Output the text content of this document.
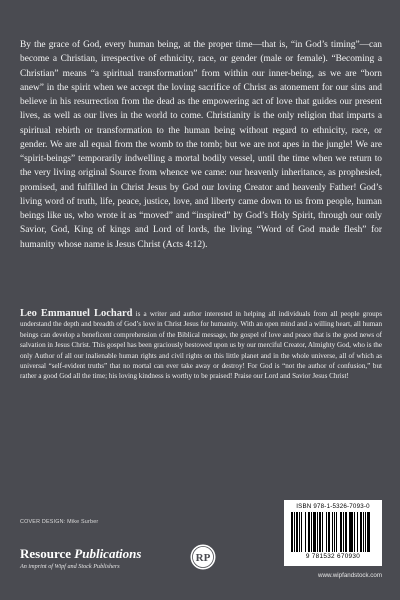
By the grace of God, every human being, at the proper time—that is, “in God’s timing”—can become a Christian, irrespective of ethnicity, race, or gender (male or female). “Becoming a Christian” means “a spiritual transformation” from within our inner-being, as we are “born anew” in the spirit when we accept the loving sacrifice of Christ as atonement for our sins and believe in his resurrection from the dead as the empowering act of love that guides our present lives, as well as our lives in the world to come. Christianity is the only religion that imparts a spiritual rebirth or transformation to the human being without regard to ethnicity, race, or gender. We are all equal from the womb to the tomb; but we are not apes in the jungle! We are “spirit-beings” temporarily indwelling a mortal bodily vessel, until the time when we return to the very living original Source from whence we came: our heavenly inheritance, as prophesied, promised, and fulfilled in Christ Jesus by God our loving Creator and heavenly Father! God’s living word of truth, life, peace, justice, love, and liberty came down to us from people, human beings like us, who wrote it as “moved” and “inspired” by God’s Holy Spirit, through our only Savior, God, King of kings and Lord of lords, the living “Word of God made flesh” for humanity whose name is Jesus Christ (Acts 4:12).
Leo Emmanuel Lochard is a writer and author interested in helping all individuals from all people groups understand the depth and breadth of God’s love in Christ Jesus for humanity. With an open mind and a willing heart, all human beings can develop a beneficent comprehension of the Biblical message, the gospel of love and peace that is the good news of salvation in Jesus Christ. This gospel has been graciously bestowed upon us by our merciful Creator, Almighty God, who is the only Author of all our inalienable human rights and civil rights on this little planet and in the whole universe, all of which as universal “self-evident truths” that no mortal can ever take away or destroy! For God is “not the author of confusion,” but rather a good God all the time; his loving kindness is worthy to be praised! Praise our Lord and Savior Jesus Christ!
ISBN 978-1-5326-7093-0
9 781532 670930
COVER DESIGN: Mike Surber
Resource Publications
An imprint of Wipf and Stock Publishers
RP
www.wipfandstock.com
